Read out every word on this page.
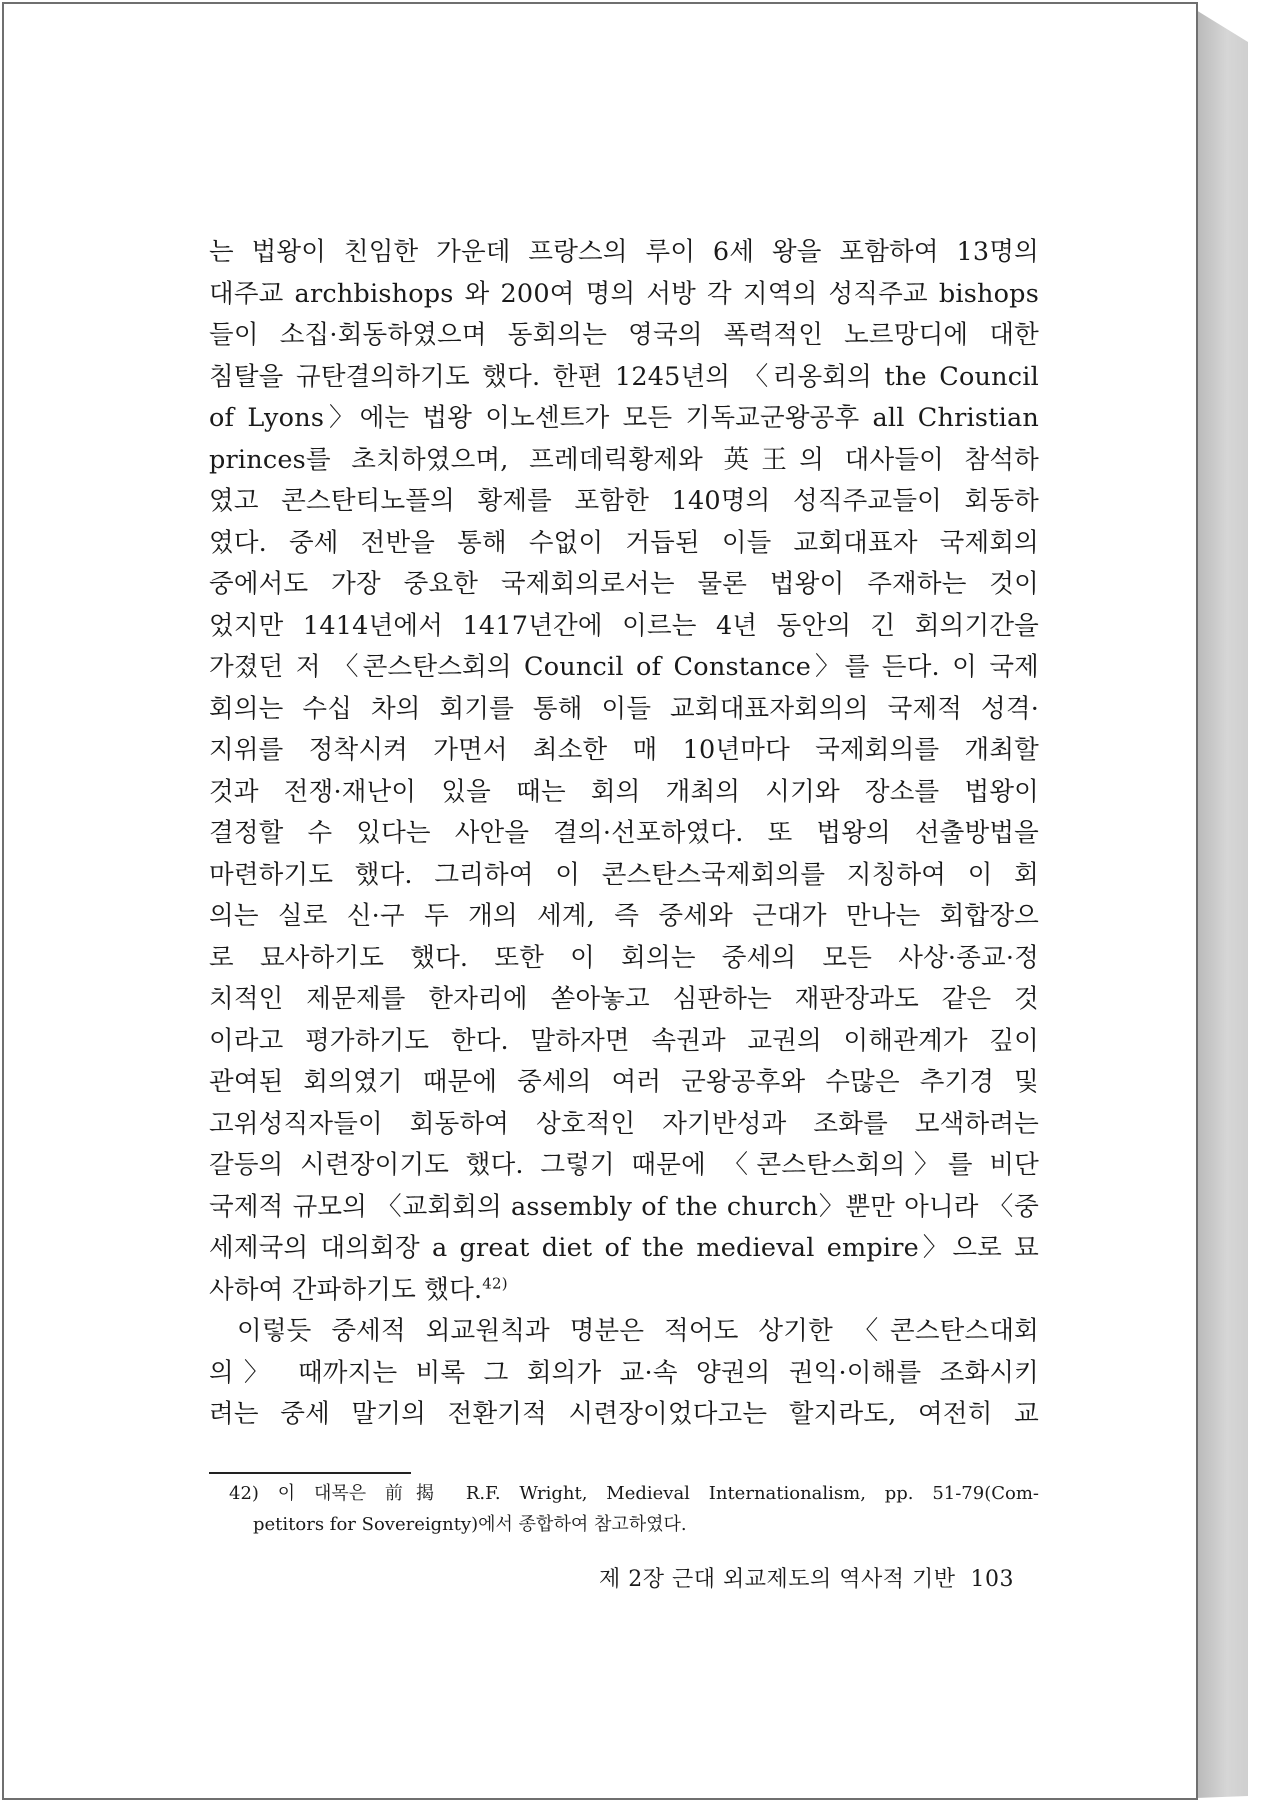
는 법왕이 친임한 가운데 프랑스의 루이 6세 왕을 포함하여 13명의
대주교 archbishops 와 200여 명의 서방 각 지역의 성직주교 bishops
들이 소집·회동하였으며 동회의는 영국의 폭력적인 노르망디에 대한
침탈을 규탄결의하기도 했다. 한편 1245년의 〈리옹회의 the Council
of Lyons〉에는 법왕 이노센트가 모든 기독교군왕공후 all Christian
princes를 초치하였으며, 프레데릭황제와 英王의 대사들이 참석하
였고 콘스탄티노플의 황제를 포함한 140명의 성직주교들이 회동하
였다. 중세 전반을 통해 수없이 거듭된 이들 교회대표자 국제회의
중에서도 가장 중요한 국제회의로서는 물론 법왕이 주재하는 것이
었지만 1414년에서 1417년간에 이르는 4년 동안의 긴 회의기간을
가졌던 저 〈콘스탄스회의 Council of Constance〉를 든다. 이 국제
회의는 수십 차의 회기를 통해 이들 교회대표자회의의 국제적 성격·
지위를 정착시켜 가면서 최소한 매 10년마다 국제회의를 개최할
것과 전쟁·재난이 있을 때는 회의 개최의 시기와 장소를 법왕이
결정할 수 있다는 사안을 결의·선포하였다. 또 법왕의 선출방법을
마련하기도 했다. 그리하여 이 콘스탄스국제회의를 지칭하여 이 회
의는 실로 신·구 두 개의 세계, 즉 중세와 근대가 만나는 회합장으
로 묘사하기도 했다. 또한 이 회의는 중세의 모든 사상·종교·정
치적인 제문제를 한자리에 쏟아놓고 심판하는 재판장과도 같은 것
이라고 평가하기도 한다. 말하자면 속권과 교권의 이해관계가 깊이
관여된 회의였기 때문에 중세의 여러 군왕공후와 수많은 추기경 및
고위성직자들이 회동하여 상호적인 자기반성과 조화를 모색하려는
갈등의 시련장이기도 했다. 그렇기 때문에 〈콘스탄스회의〉를 비단
국제적 규모의 〈교회회의 assembly of the church〉뿐만 아니라 〈중
세제국의 대의회장 a great diet of the medieval empire〉으로 묘
사하여 간파하기도 했다.$^{42)}$
이렇듯 중세적 외교원칙과 명분은 적어도 상기한 〈콘스탄스대회
의〉 때까지는 비록 그 회의가 교·속 양권의 권익·이해를 조화시키
려는 중세 말기의 전환기적 시련장이었다고는 할지라도, 여전히 교
42) 이 대목은 前揭 R.F. Wright, Medieval Internationalism, pp. 51-79(Com-
petitors for Sovereignty)에서 종합하여 참고하였다.
제 2장 근대 외교제도의 역사적 기반 103
